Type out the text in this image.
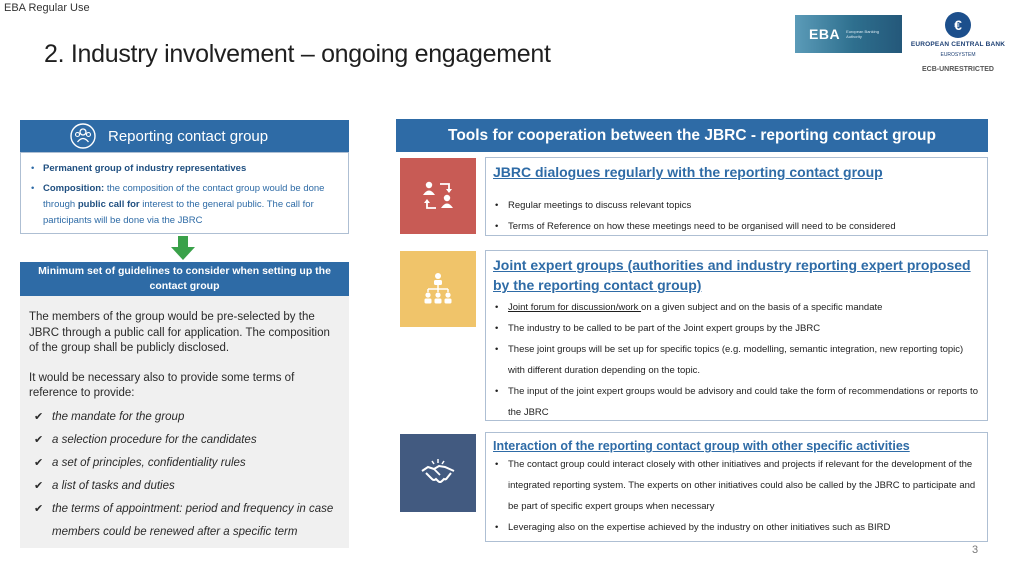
EBA Regular Use
2. Industry involvement – ongoing engagement
EBA European Banking Authority
€
EUROPEAN CENTRAL BANK
EUROSYSTEM
ECB-UNRESTRICTED
Reporting contact group
• Permanent group of industry representatives
• Composition: the composition of the contact group would be done through public call for interest to the general public. The call for participants will be done via the JBRC
Minimum set of guidelines to consider when setting up the contact group

The members of the group would be pre-selected by the JBRC through a public call for application. The composition of the group shall be publicly disclosed.

It would be necessary also to provide some terms of reference to provide:

✔ the mandate for the group
✔ a selection procedure for the candidates
✔ a set of principles, confidentiality rules
✔ a list of tasks and duties
✔ the terms of appointment: period and frequency in case
members could be renewed after a specific term
Tools for cooperation between the JBRC - reporting contact group
JBRC dialogues regularly with the reporting contact group
• Regular meetings to discuss relevant topics
• Terms of Reference on how these meetings need to be organised will need to be considered
Joint expert groups (authorities and industry reporting expert proposed by the reporting contact group)
• Joint forum for discussion/work on a given subject and on the basis of a specific mandate
• The industry to be called to be part of the Joint expert groups by the JBRC
• These joint groups will be set up for specific topics (e.g. modelling, semantic integration, new reporting topic) with different duration depending on the topic.
• The input of the joint expert groups would be advisory and could take the form of recommendations or reports to the JBRC
Interaction of the reporting contact group with other specific activities
• The contact group could interact closely with other initiatives and projects if relevant for the development of the integrated reporting system. The experts on other initiatives could also be called by the JBRC to participate and be part of specific expert groups when necessary
• Leveraging also on the expertise achieved by the industry on other initiatives such as BIRD
3
